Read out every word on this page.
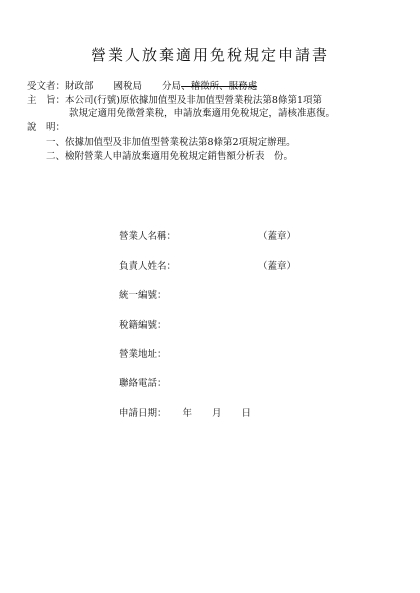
營業人放棄適用免稅規定申請書
受文者：財政部 國稅局 分局、稽徵所、服務處
主　旨：本公司(行號)原依據加值型及非加值型營業稅法第8條第1項第
款規定適用免徵營業稅，申請放棄適用免稅規定，請核准惠復。
說　明：
一、依據加值型及非加值型營業稅法第8條第2項規定辦理。
二、檢附營業人申請放棄適用免稅規定銷售額分析表　份。
營業人名稱：	（蓋章）
負責人姓名：	（蓋章）
統一編號：
稅籍編號：
營業地址：
聯絡電話：
申請日期： 年 月 日
